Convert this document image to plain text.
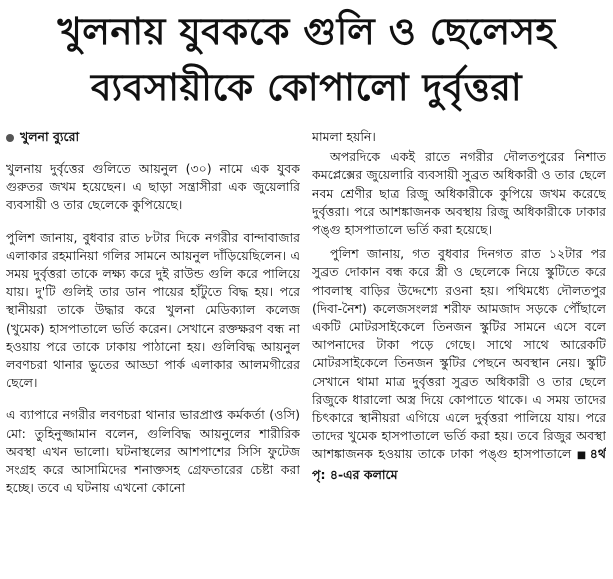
খুলনায় যুবককে গুলি ও ছেলেসহ
ব্যবসায়ীকে কোপালো দুর্বৃত্তরা
খুলনা ব্যুরো

খুলনায় দুর্বৃত্তের গুলিতে আয়নুল (৩০) নামে এক যুবক গুরুতর জখম হয়েছেন। এ ছাড়া সন্ত্রাসীরা এক জুয়েলারি ব্যবসায়ী ও তার ছেলেকে কুপিয়েছে।

পুলিশ জানায়, বুধবার রাত ৮টার দিকে নগরীর বান্দাবাজার এলাকার রহমানিয়া গলির সামনে আয়নুল দাঁড়িয়েছিলেন। এ সময় দুর্বৃত্তরা তাকে লক্ষ্য করে দুই রাউন্ড গুলি করে পালিয়ে যায়। দু'টি গুলিই তার ডান পায়ের হাঁটুতে বিদ্ধ হয়। পরে স্থানীয়রা তাকে উদ্ধার করে খুলনা মেডিক্যাল কলেজ (খুমেক) হাসপাতালে ভর্তি করেন। সেখানে রক্তক্ষরণ বন্ধ না হওয়ায় পরে তাকে ঢাকায় পাঠানো হয়। গুলিবিদ্ধ আয়নুল লবণচরা থানার ভুতের আড্ডা পার্ক এলাকার আলমগীরের ছেলে।

এ ব্যাপারে নগরীর লবণচরা থানার ভারপ্রাপ্ত কর্মকর্তা (ওসি) মো: তুহিনুজ্জামান বলেন, গুলিবিদ্ধ আয়নুলের শারীরিক অবস্থা এখন ভালো। ঘটনাস্থলের আশপাশের সিসি ফুটেজ সংগ্রহ করে আসামিদের শনাক্তসহ গ্রেফতারের চেষ্টা করা হচ্ছে। তবে এ ঘটনায় এখনো কোনো

মামলা হয়নি।

অপরদিকে একই রাতে নগরীর দৌলতপুরের নিশাত কমপ্লেক্সের জুয়েলারি ব্যবসায়ী সুব্রত অধিকারী ও তার ছেলে নবম শ্রেণীর ছাত্র রিজু অধিকারীকে কুপিয়ে জখম করেছে দুর্বৃত্তরা। পরে আশঙ্কাজনক অবস্থায় রিজু অধিকারীকে ঢাকার পঙ্গু হাসপাতালে ভর্তি করা হয়েছে।

পুলিশ জানায়, গত বুধবার দিনগত রাত ১২টার পর সুব্রত দোকান বন্ধ করে স্ত্রী ও ছেলেকে নিয়ে স্কুটিতে করে পাবলাস্থ বাড়ির উদ্দেশ্যে রওনা হয়। পথিমধ্যে দৌলতপুর (দিবা-নৈশ) কলেজসংলগ্ন শরীফ আমজাদ সড়কে পৌঁছালে একটি মোটরসাইকেলে তিনজন স্কুটির সামনে এসে বলে আপনাদের টাকা পড়ে গেছে। সাথে সাথে আরেকটি মোটরসাইকেলে তিনজন স্কুটির পেছনে অবস্থান নেয়। স্কুটি সেখানে থামা মাত্র দুর্বৃত্তরা সুব্রত অধিকারী ও তার ছেলে রিজুকে ধারালো অস্ত্র দিয়ে কোপাতে থাকে। এ সময় তাদের চিৎকারে স্থানীয়রা এগিয়ে এলে দুর্বৃত্তরা পালিয়ে যায়। পরে তাদের খুমেক হাসপাতালে ভর্তি করা হয়। তবে রিজুর অবস্থা আশঙ্কাজনক হওয়ায় তাকে ঢাকা পঙ্গু হাসপাতালে ■ ৪র্থ পৃ: ৪-এর কলামে
